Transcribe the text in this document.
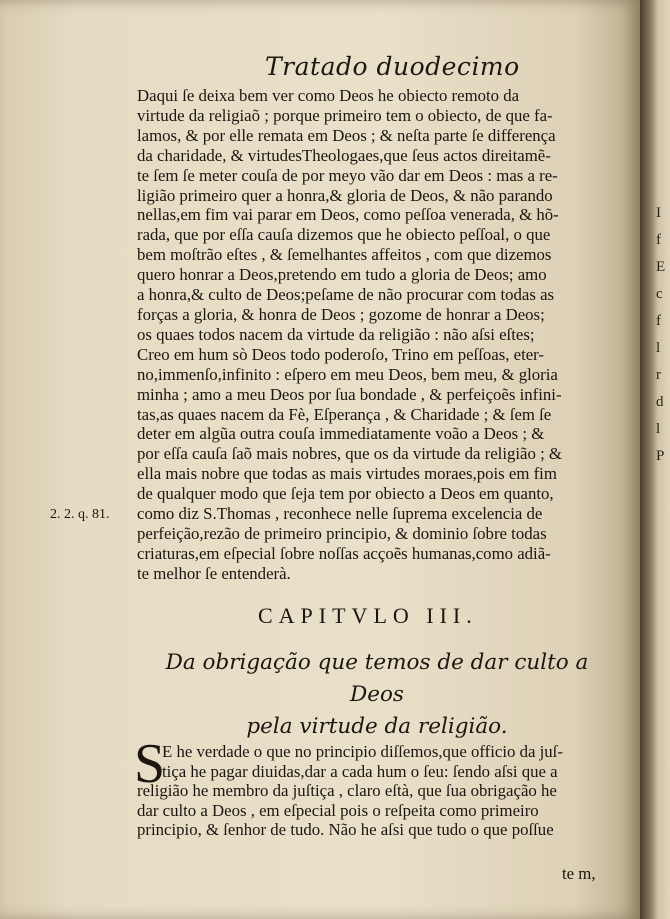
Tratado duodecimo

Daqui ſe deixa bem ver como Deos he obiecto remoto da
virtude da religiaõ ; porque primeiro tem o obiecto, de que fa-
lamos, & por elle remata em Deos ; & neſta parte ſe differença
da charidade, & virtudesTheologaes,que ſeus actos direitamẽ-
te ſem ſe meter couſa de por meyo vão dar em Deos : mas a re-
ligião primeiro quer a honra,& gloria de Deos, & não parando
nellas,em fim vai parar em Deos, como peſſoa venerada, & hõ-
rada, que por eſſa cauſa dizemos que he obiecto peſſoal, o que
bem moſtrão eſtes , & ſemelhantes affeitos , com que dizemos
quero honrar a Deos,pretendo em tudo a gloria de Deos; amo
a honra,& culto de Deos;peſame de não procurar com todas as
forças a gloria, & honra de Deos ; gozome de honrar a Deos;
os quaes todos nacem da virtude da religião : não aſsi eſtes;
Creo em hum sò Deos todo poderoſo, Trino em peſſoas, eter-
no,immenſo,infinito : eſpero em meu Deos, bem meu, & gloria
minha ; amo a meu Deos por ſua bondade , & perfeiçoẽs infini-
tas,as quaes nacem da Fè, Eſperança , & Charidade ; & ſem ſe
deter em algũa outra couſa immediatamente voão a Deos ; &
por eſſa cauſa ſaõ mais nobres, que os da virtude da religião ; &
ella mais nobre que todas as mais virtudes moraes,pois em fim
de qualquer modo que ſeja tem por obiecto a Deos em quanto,
como diz S.Thomas , reconhece nelle ſuprema excelencia de
perfeição,rezão de primeiro principio, & dominio ſobre todas
criaturas,em eſpecial ſobre noſſas acçoẽs humanas,como adiã-
te melhor ſe entenderà.

2. 2. q. 81.
CAPITVLO III.
Da obrigação que temos de dar culto a Deos
pela virtude da religião.
S

E he verdade o que no principio diſſemos,que officio da juſ-
tiça he pagar diuidas,dar a cada hum o ſeu: ſendo aſsi que a
religião he membro da juſtiça , claro eſtà, que ſua obrigação he
dar culto a Deos , em eſpecial pois o reſpeita como primeiro
principio, & ſenhor de tudo. Não he aſsi que tudo o que poſſue

te m,
I
f
E
c
f
l
r
d
l
P
